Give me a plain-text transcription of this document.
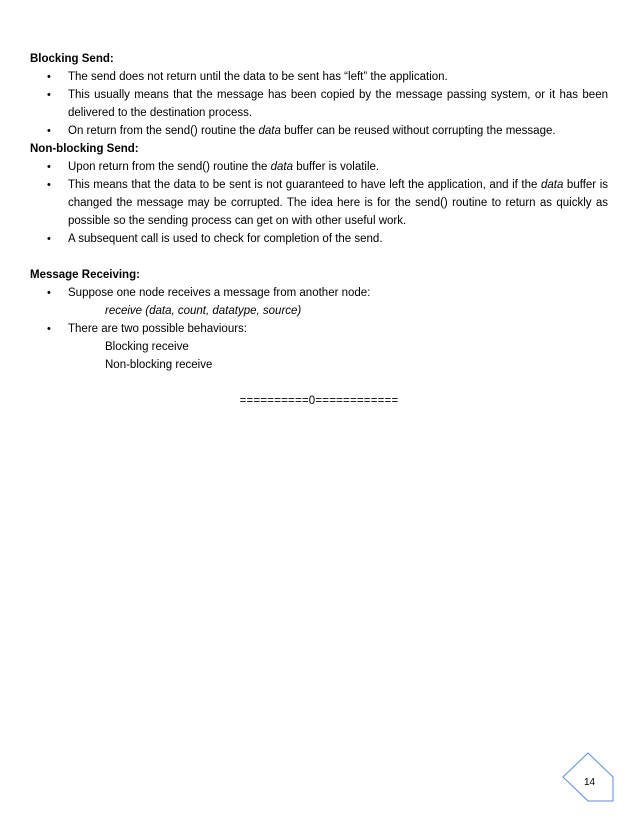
Blocking Send:

• The send does not return until the data to be sent has “left” the application.
• This usually means that the message has been copied by the message passing system, or it has been delivered to the destination process.
• On return from the send() routine the data buffer can be reused without corrupting the message.

Non-blocking Send:

• Upon return from the send() routine the data buffer is volatile.
• This means that the data to be sent is not guaranteed to have left the application, and if the data buffer is changed the message may be corrupted. The idea here is for the send() routine to return as quickly as possible so the sending process can get on with other useful work.
• A subsequent call is used to check for completion of the send.

Message Receiving:

• Suppose one node receives a message from another node:
receive (data, count, datatype, source)
• There are two possible behaviours:
Blocking receive
Non-blocking receive
==========0============
14
